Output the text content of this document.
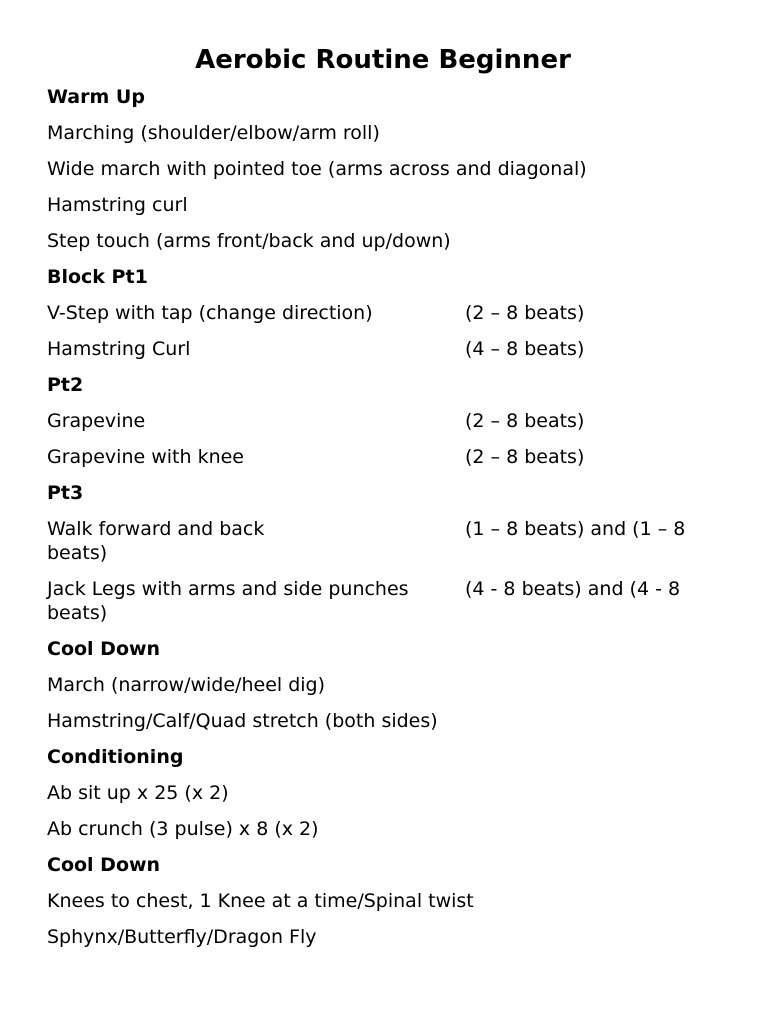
Aerobic Routine Beginner
Warm Up
Marching (shoulder/elbow/arm roll)
Wide march with pointed toe (arms across and diagonal)
Hamstring curl
Step touch (arms front/back and up/down)
Block Pt1
V-Step with tap (change direction)	(2 – 8 beats)
Hamstring Curl	(4 – 8 beats)
Pt2
Grapevine	(2 – 8 beats)
Grapevine with knee	(2 – 8 beats)
Pt3
Walk forward and back	(1 – 8 beats) and (1 – 8
beats)
Jack Legs with arms and side punches	(4 - 8 beats) and (4 - 8
beats)
Cool Down
March (narrow/wide/heel dig)
Hamstring/Calf/Quad stretch (both sides)
Conditioning
Ab sit up x 25 (x 2)
Ab crunch (3 pulse) x 8 (x 2)
Cool Down
Knees to chest, 1 Knee at a time/Spinal twist
Sphynx/Butterfly/Dragon Fly
